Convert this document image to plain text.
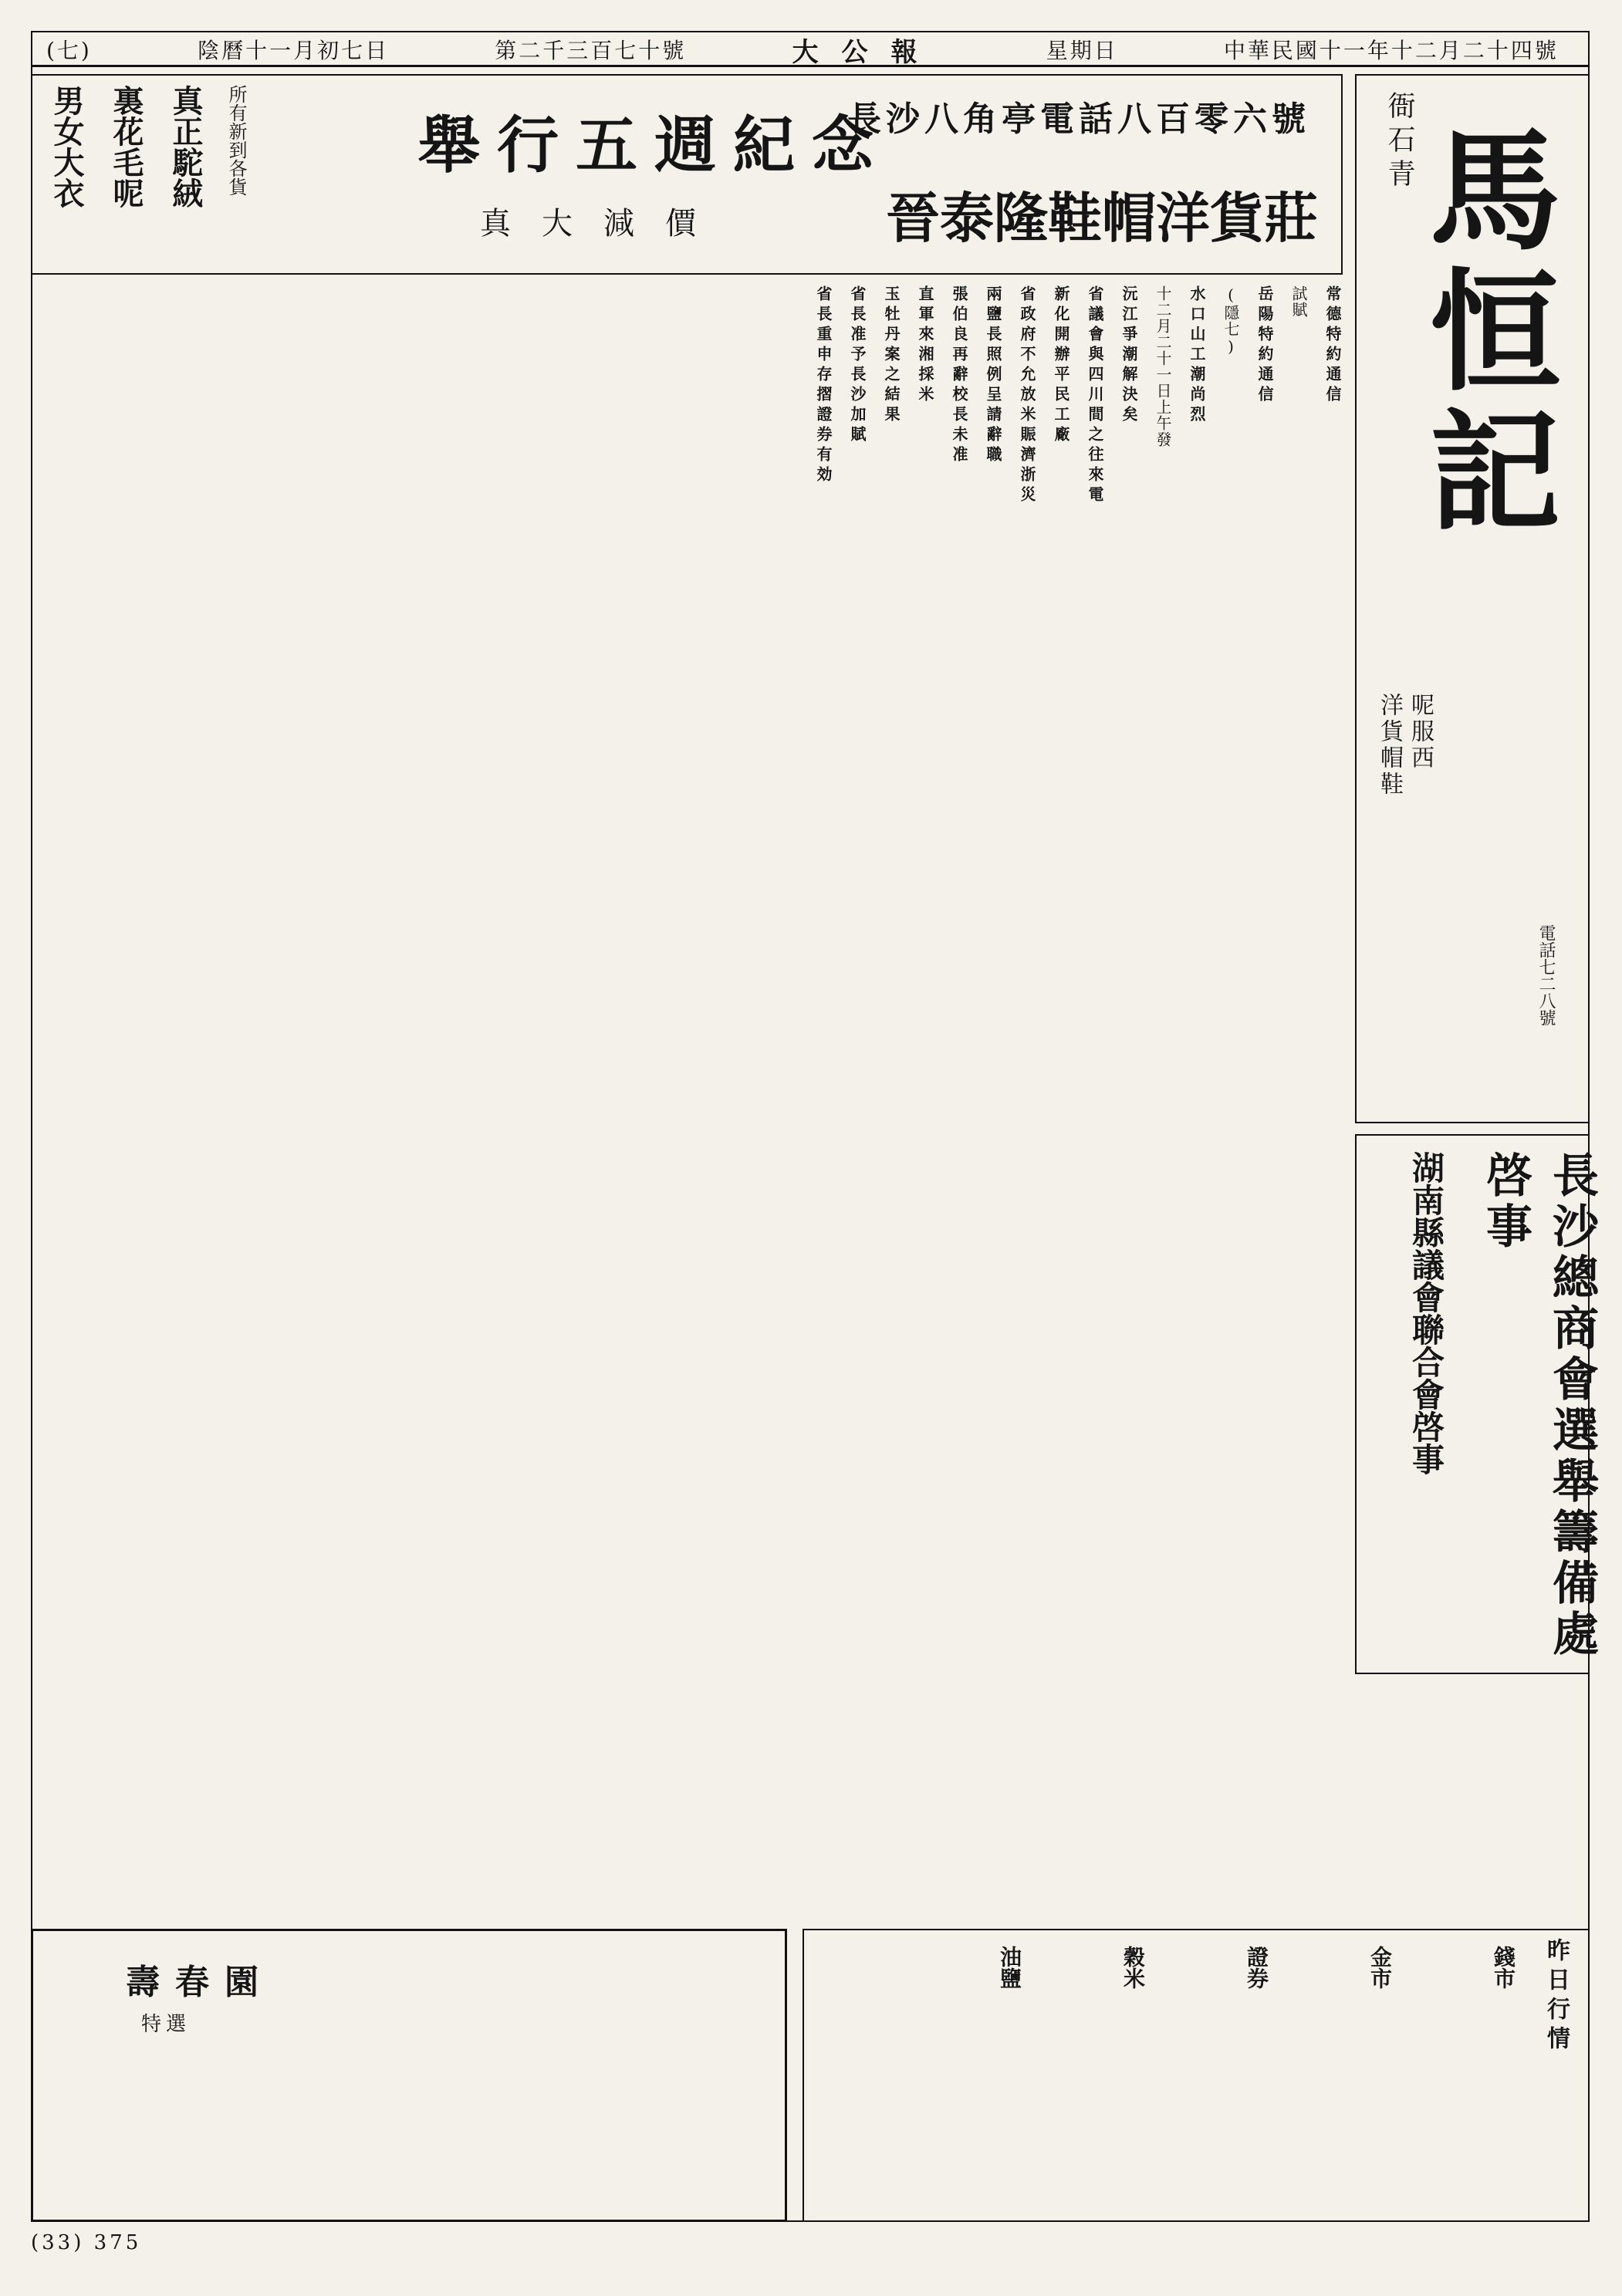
(七)	陰曆十一月初七日	第二千三百七十號	大公報	星期日	中華民國十一年十二月二十四號
晉泰隆鞋帽洋貨莊
長沙八角亭電話八百零六號
舉行五週紀念
真大減價
所有新到各貨
真正駝絨
裏花毛呢
男女大衣	衙石青
馬恒記
洋貨帽鞋 呢服西
電話七二八號
長沙總商會選舉籌備處啓事
湖南縣議會聯合會啓事
常德特約通信
試賦
岳陽特約通信
(隱七)
水口山工潮尚烈
十二月二十一日上午發
沅江爭潮解決矣
省議會與四川間之往來電
新化開辦平民工廠
省政府不允放米賑濟浙災
兩鹽長照例呈請辭職
張伯良再辭校長未准
直軍來湘採米
玉牡丹案之結果
省長准予長沙加賦
省長重申存摺證券有効
昨日行情
錢市
金市
證券
穀米
油鹽
壽春園
特選
(33) 375
